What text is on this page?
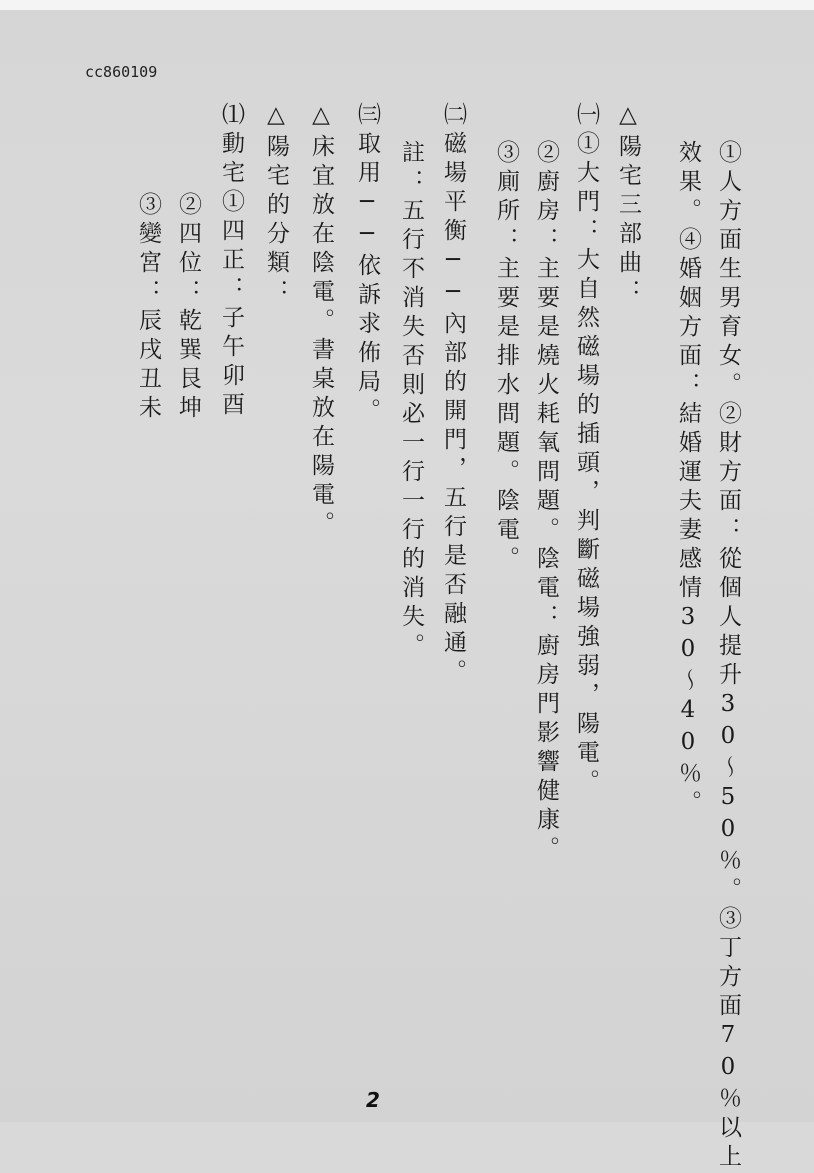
cc860109
①人方面生男育女。②財方面：從個人提升30～50％。③丁方面70％以上
效果。④婚姻方面：結婚運夫妻感情30～40％。
△陽宅三部曲：
㈠①大門：大自然磁場的插頭，判斷磁場強弱，陽電。
②廚房：主要是燒火耗氧問題。陰電：廚房門影響健康。
③廁所：主要是排水問題。陰電。
㈡磁場平衡──內部的開門，五行是否融通。
註：五行不消失否則必一行一行的消失。
㈢取用──依訴求佈局。
△床宜放在陰電。書桌放在陽電。
△陽宅的分類：
⑴動宅①四正：子午卯酉
②四位：乾巽艮坤
③變宮：辰戌丑未
2
